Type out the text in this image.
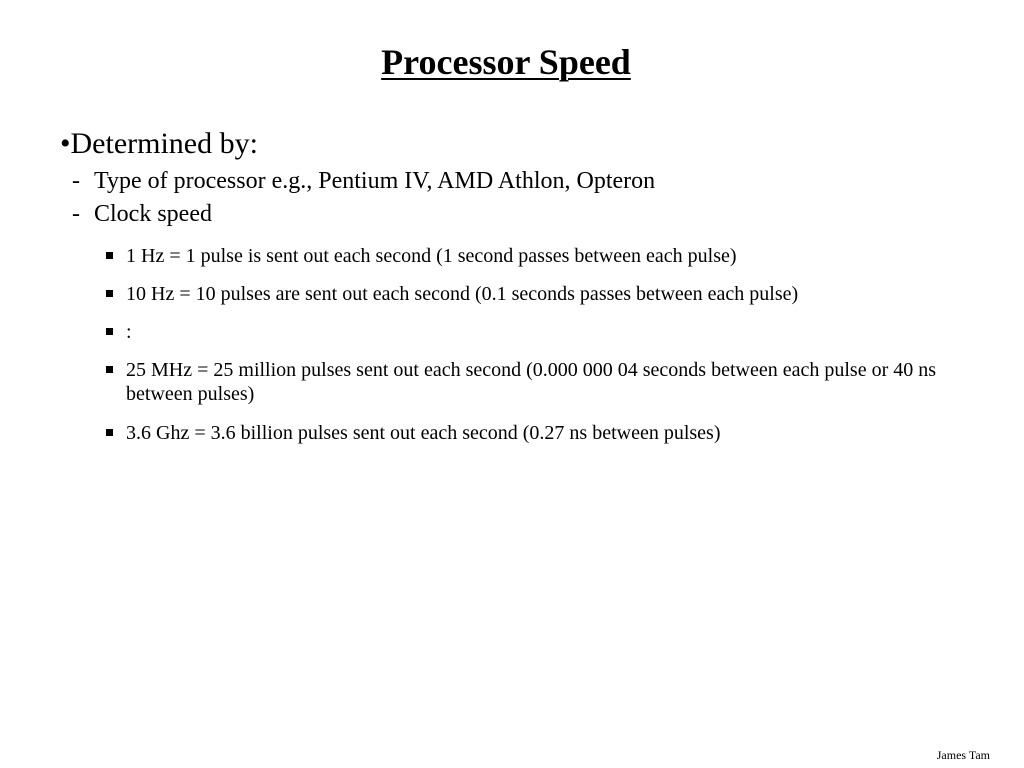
Processor Speed
•Determined by:
- Type of processor e.g., Pentium IV, AMD Athlon, Opteron
- Clock speed
1 Hz = 1 pulse is sent out each second (1 second passes between each pulse)
10 Hz = 10 pulses are sent out each second (0.1 seconds passes between each pulse)
:
25 MHz = 25 million pulses sent out each second (0.000 000 04 seconds between each pulse or 40 ns between pulses)
3.6 Ghz = 3.6 billion pulses sent out each second (0.27 ns between pulses)
James Tam
